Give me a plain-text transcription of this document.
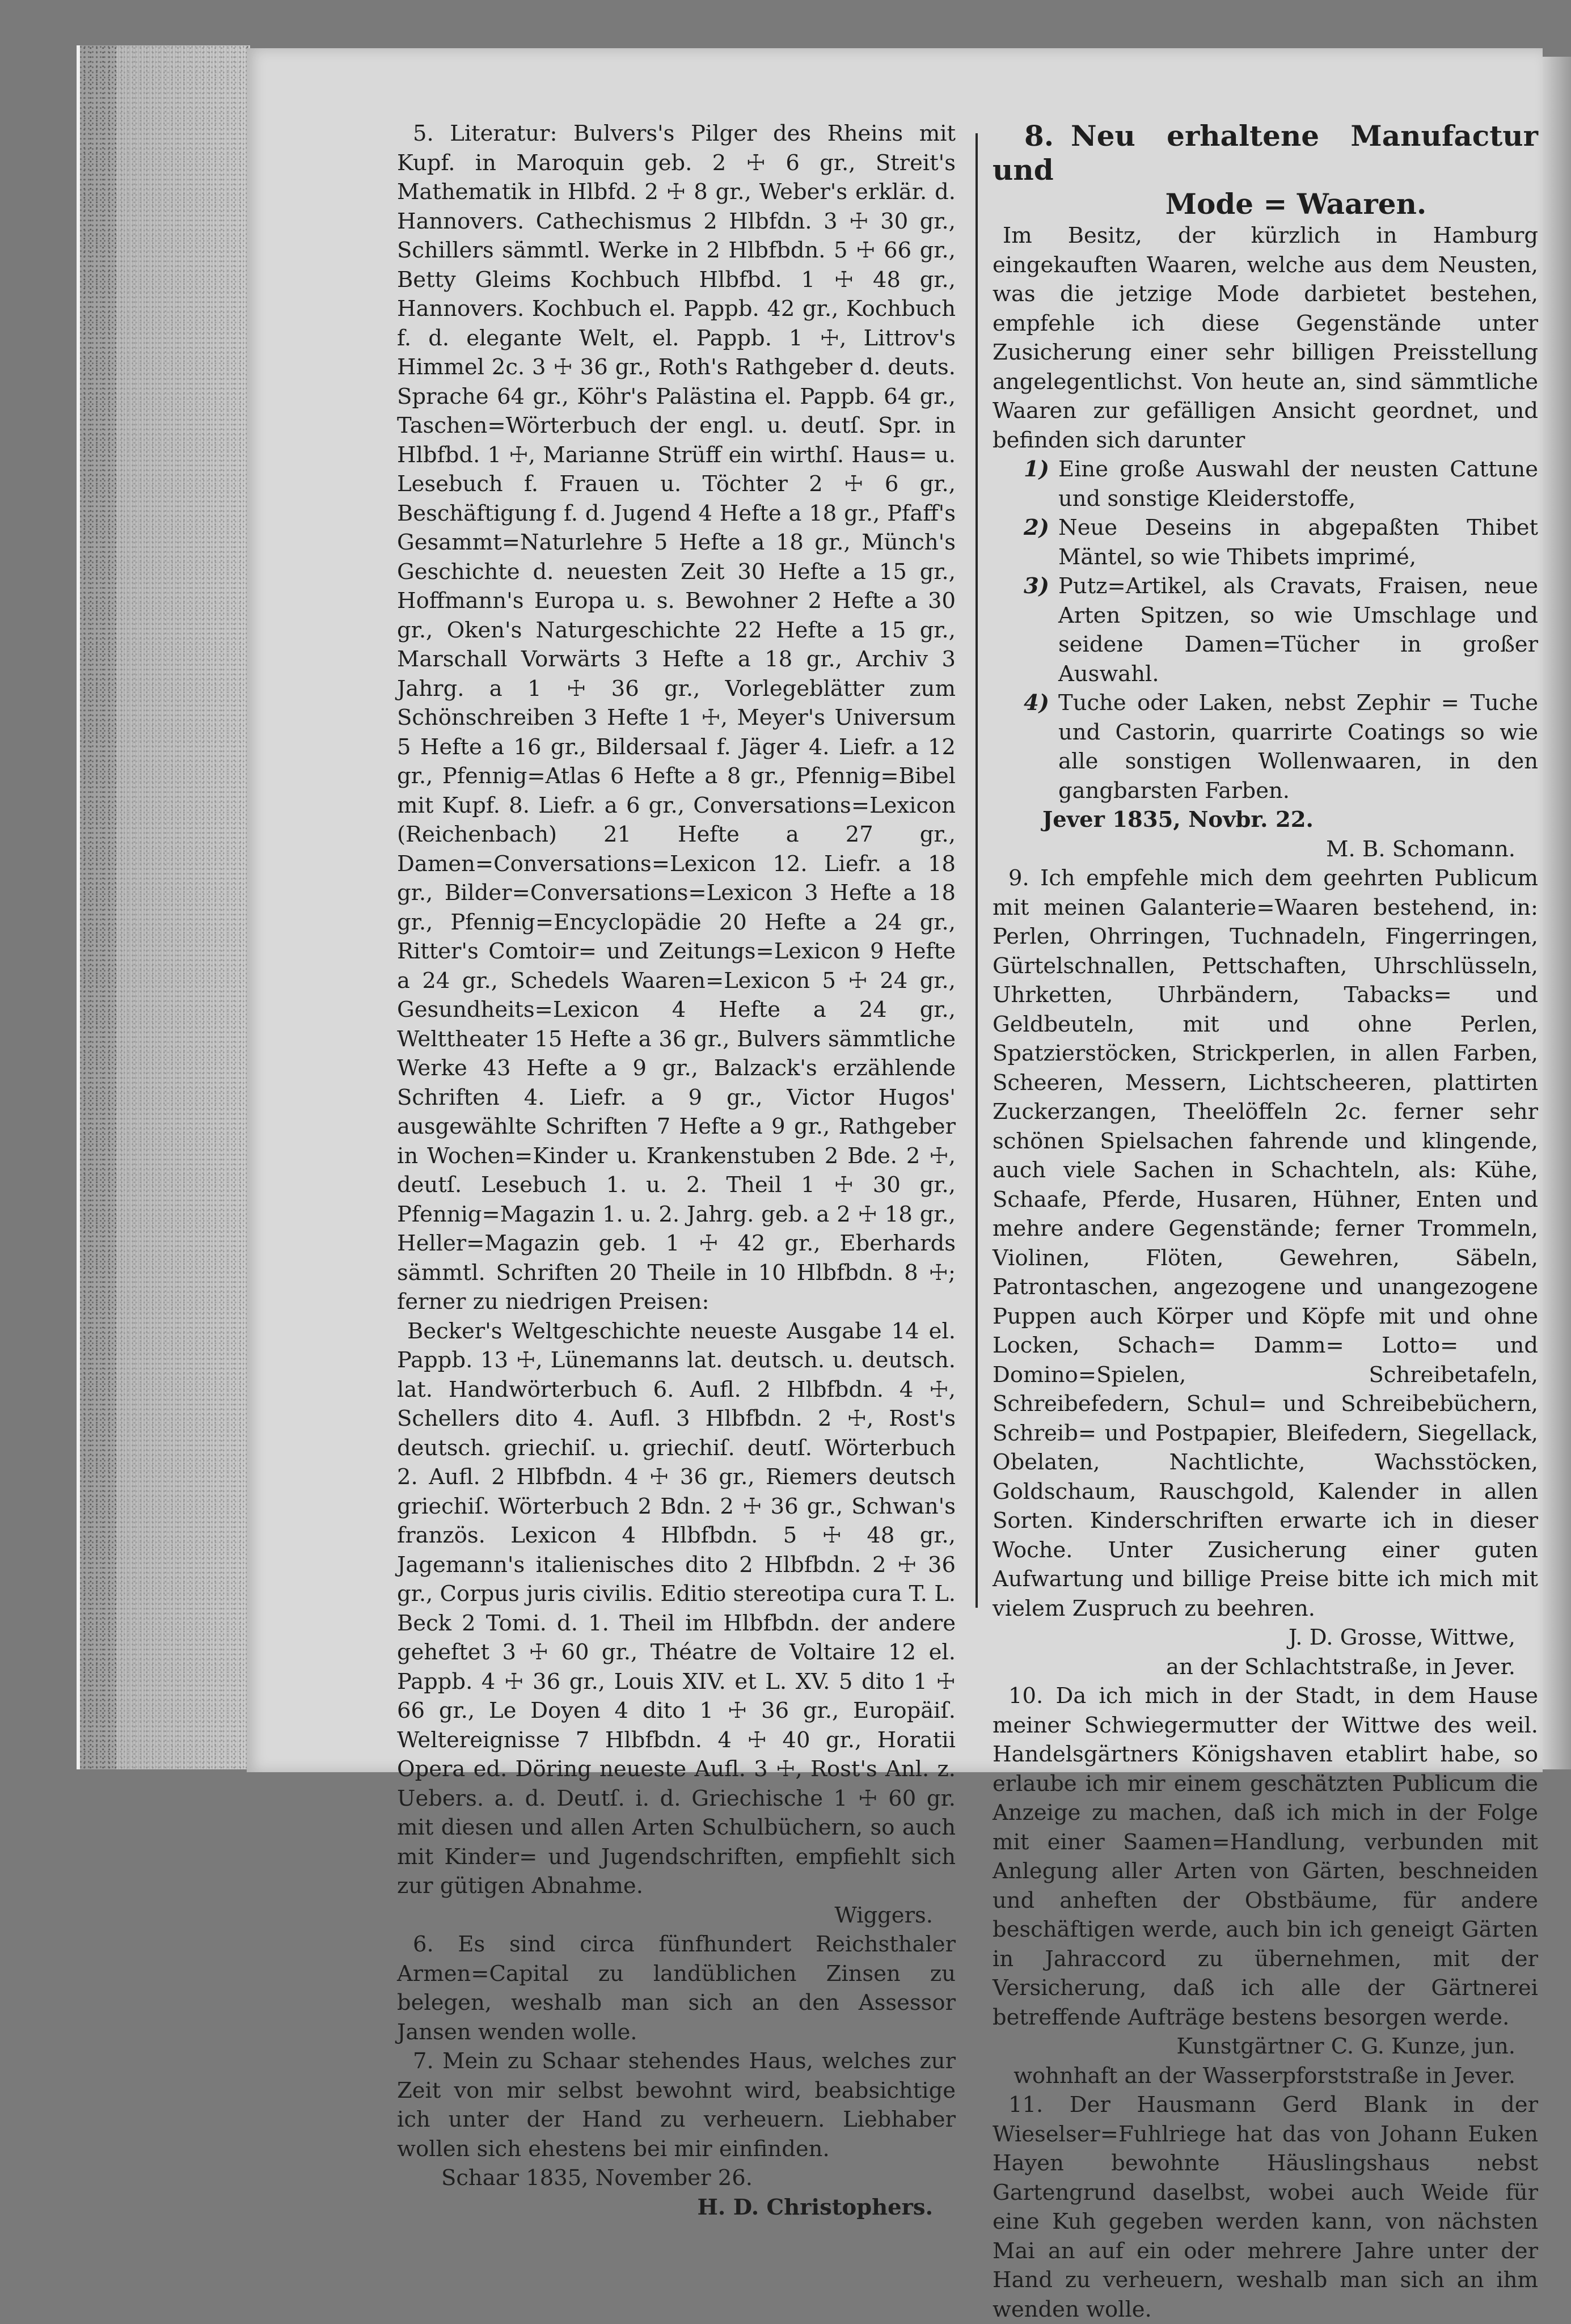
5. Literatur: Bulvers's Pilger des Rheins mit Kupf. in Maroquin geb. 2 ☩ 6 gr., Streit's Mathematik in Hlbfd. 2 ☩ 8 gr., Weber's erklär. d. Hannovers. Cathechismus 2 Hlbfdn. 3 ☩ 30 gr., Schillers sämmtl. Werke in 2 Hlbfbdn. 5 ☩ 66 gr., Betty Gleims Kochbuch Hlbfbd. 1 ☩ 48 gr., Hannovers. Kochbuch el. Pappb. 42 gr., Kochbuch f. d. elegante Welt, el. Pappb. 1 ☩, Littrov's Himmel 2c. 3 ☩ 36 gr., Roth's Rathgeber d. deuts. Sprache 64 gr., Köhr's Palästina el. Pappb. 64 gr., Taschen=Wörterbuch der engl. u. deutſ. Spr. in Hlbfbd. 1 ☩, Marianne Strüff ein wirthſ. Haus= u. Lesebuch f. Frauen u. Töchter 2 ☩ 6 gr., Beschäftigung f. d. Jugend 4 Hefte a 18 gr., Pfaff's Gesammt=Naturlehre 5 Hefte a 18 gr., Münch's Geschichte d. neuesten Zeit 30 Hefte a 15 gr., Hoffmann's Europa u. s. Bewohner 2 Hefte a 30 gr., Oken's Naturgeschichte 22 Hefte a 15 gr., Marschall Vorwärts 3 Hefte a 18 gr., Archiv 3 Jahrg. a 1 ☩ 36 gr., Vorlegeblätter zum Schönschreiben 3 Hefte 1 ☩, Meyer's Universum 5 Hefte a 16 gr., Bildersaal f. Jäger 4. Liefr. a 12 gr., Pfennig=Atlas 6 Hefte a 8 gr., Pfennig=Bibel mit Kupf. 8. Liefr. a 6 gr., Conversations=Lexicon (Reichenbach) 21 Hefte a 27 gr., Damen=Conversations=Lexicon 12. Liefr. a 18 gr., Bilder=Conversations=Lexicon 3 Hefte a 18 gr., Pfennig=Encyclopädie 20 Hefte a 24 gr., Ritter's Comtoir= und Zeitungs=Lexicon 9 Hefte a 24 gr., Schedels Waaren=Lexicon 5 ☩ 24 gr., Gesundheits=Lexicon 4 Hefte a 24 gr., Welttheater 15 Hefte a 36 gr., Bulvers sämmtliche Werke 43 Hefte a 9 gr., Balzack's erzählende Schriften 4. Liefr. a 9 gr., Victor Hugos' ausgewählte Schriften 7 Hefte a 9 gr., Rathgeber in Wochen=Kinder u. Krankenstuben 2 Bde. 2 ☩, deutſ. Lesebuch 1. u. 2. Theil 1 ☩ 30 gr., Pfennig=Magazin 1. u. 2. Jahrg. geb. a 2 ☩ 18 gr., Heller=Magazin geb. 1 ☩ 42 gr., Eberhards sämmtl. Schriften 20 Theile in 10 Hlbfbdn. 8 ☩; ferner zu niedrigen Preisen:

Becker's Weltgeschichte neueste Ausgabe 14 el. Pappb. 13 ☩, Lünemanns lat. deutsch. u. deutsch. lat. Handwörterbuch 6. Aufl. 2 Hlbfbdn. 4 ☩, Schellers dito 4. Aufl. 3 Hlbfbdn. 2 ☩, Rost's deutsch. griechiſ. u. griechiſ. deutſ. Wörterbuch 2. Aufl. 2 Hlbfbdn. 4 ☩ 36 gr., Riemers deutsch griechiſ. Wörterbuch 2 Bdn. 2 ☩ 36 gr., Schwan's französ. Lexicon 4 Hlbfbdn. 5 ☩ 48 gr., Jagemann's italienisches dito 2 Hlbfbdn. 2 ☩ 36 gr., Corpus juris civilis. Editio stereotipa cura T. L. Beck 2 Tomi. d. 1. Theil im Hlbfbdn. der andere geheftet 3 ☩ 60 gr., Théatre de Voltaire 12 el. Pappb. 4 ☩ 36 gr., Louis XIV. et L. XV. 5 dito 1 ☩ 66 gr., Le Doyen 4 dito 1 ☩ 36 gr., Europäiſ. Weltereignisse 7 Hlbfbdn. 4 ☩ 40 gr., Horatii Opera ed. Döring neueste Aufl. 3 ☩, Rost's Anl. z. Uebers. a. d. Deutſ. i. d. Griechische 1 ☩ 60 gr. mit diesen und allen Arten Schulbüchern, so auch mit Kinder= und Jugendschriften, empfiehlt sich zur gütigen Abnahme.

Wiggers.

6. Es sind circa fünfhundert Reichsthaler Armen=Capital zu landüblichen Zinsen zu belegen, weshalb man sich an den Assessor Jansen wenden wolle.

7. Mein zu Schaar stehendes Haus, welches zur Zeit von mir selbst bewohnt wird, beabsichtige ich unter der Hand zu verheuern. Liebhaber wollen sich ehestens bei mir einfinden.

Schaar 1835, November 26.

H. D. Christophers.

8. Neu erhaltene Manufactur und

Mode = Waaren.

Im Besitz, der kürzlich in Hamburg eingekauften Waaren, welche aus dem Neusten, was die jetzige Mode darbietet bestehen, empfehle ich diese Gegenstände unter Zusicherung einer sehr billigen Preisstellung angelegentlichst. Von heute an, sind sämmtliche Waaren zur gefälligen Ansicht geordnet, und befinden sich darunter

1) Eine große Auswahl der neusten Cattune und sonstige Kleiderstoffe,
2) Neue Deseins in abgepaßten Thibet Mäntel, so wie Thibets imprimé,
3) Putz=Artikel, als Cravats, Fraisen, neue Arten Spitzen, so wie Umschlage und seidene Damen=Tücher in großer Auswahl.
4) Tuche oder Laken, nebst Zephir = Tuche und Castorin, quarrirte Coatings so wie alle sonstigen Wollenwaaren, in den gangbarsten Farben.

Jever 1835, Novbr. 22.

M. B. Schomann.

9. Ich empfehle mich dem geehrten Publicum mit meinen Galanterie=Waaren bestehend, in: Perlen, Ohrringen, Tuchnadeln, Fingerringen, Gürtelschnallen, Pettschaften, Uhrschlüsseln, Uhrketten, Uhrbändern, Tabacks= und Geldbeuteln, mit und ohne Perlen, Spatzierstöcken, Strickperlen, in allen Farben, Scheeren, Messern, Lichtscheeren, plattirten Zuckerzangen, Theelöffeln 2c. ferner sehr schönen Spielsachen fahrende und klingende, auch viele Sachen in Schachteln, als: Kühe, Schaafe, Pferde, Husaren, Hühner, Enten und mehre andere Gegenstände; ferner Trommeln, Violinen, Flöten, Gewehren, Säbeln, Patrontaschen, angezogene und unangezogene Puppen auch Körper und Köpfe mit und ohne Locken, Schach= Damm= Lotto= und Domino=Spielen, Schreibetafeln, Schreibefedern, Schul= und Schreibebüchern, Schreib= und Postpapier, Bleifedern, Siegellack, Obelaten, Nachtlichte, Wachsstöcken, Goldschaum, Rauschgold, Kalender in allen Sorten. Kinderschriften erwarte ich in dieser Woche. Unter Zusicherung einer guten Aufwartung und billige Preise bitte ich mich mit vielem Zuspruch zu beehren.

J. D. Grosse, Wittwe,

an der Schlachtstraße, in Jever.

10. Da ich mich in der Stadt, in dem Hause meiner Schwiegermutter der Wittwe des weil. Handelsgärtners Königshaven etablirt habe, so erlaube ich mir einem geschätzten Publicum die Anzeige zu machen, daß ich mich in der Folge mit einer Saamen=Handlung, verbunden mit Anlegung aller Arten von Gärten, beschneiden und anheften der Obstbäume, für andere beschäftigen werde, auch bin ich geneigt Gärten in Jahraccord zu übernehmen, mit der Versicherung, daß ich alle der Gärtnerei betreffende Aufträge bestens besorgen werde.

Kunstgärtner C. G. Kunze, jun.

wohnhaft an der Wasserpforststraße in Jever.

11. Der Hausmann Gerd Blank in der Wieselser=Fuhlriege hat das von Johann Euken Hayen bewohnte Häuslingshaus nebst Gartengrund daselbst, wobei auch Weide für eine Kuh gegeben werden kann, von nächsten Mai an auf ein oder mehrere Jahre unter der Hand zu verheuern, weshalb man sich an ihm wenden wolle.
